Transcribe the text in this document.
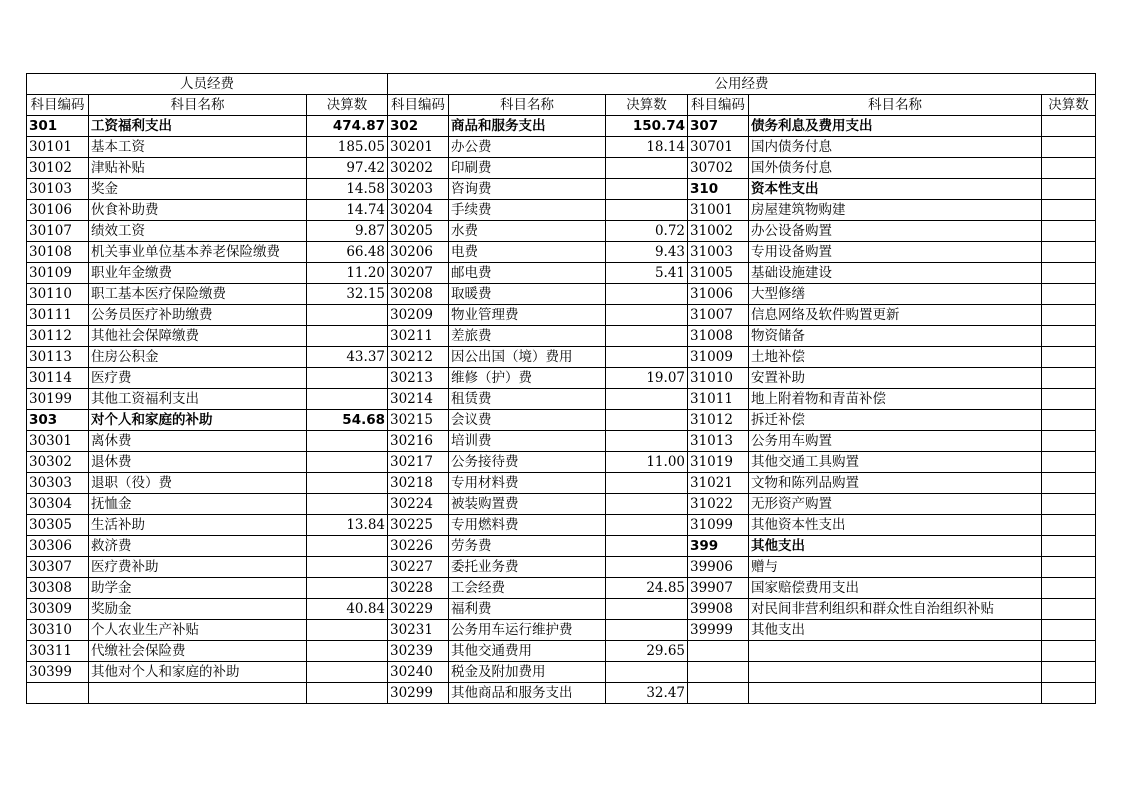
人员经费			公用经费					
科目编码	科目名称	决算数	科目编码	科目名称	决算数	科目编码	科目名称	决算数
301	工资福利支出	474.87	302	商品和服务支出	150.74	307	债务利息及费用支出	
30101	基本工资	185.05	30201	办公费	18.14	30701	国内债务付息	
30102	津贴补贴	97.42	30202	印刷费		30702	国外债务付息	
30103	奖金	14.58	30203	咨询费		310	资本性支出	
30106	伙食补助费	14.74	30204	手续费		31001	房屋建筑物购建	
30107	绩效工资	9.87	30205	水费	0.72	31002	办公设备购置	
30108	机关事业单位基本养老保险缴费	66.48	30206	电费	9.43	31003	专用设备购置	
30109	职业年金缴费	11.20	30207	邮电费	5.41	31005	基础设施建设	
30110	职工基本医疗保险缴费	32.15	30208	取暖费		31006	大型修缮	
30111	公务员医疗补助缴费		30209	物业管理费		31007	信息网络及软件购置更新	
30112	其他社会保障缴费		30211	差旅费		31008	物资储备	
30113	住房公积金	43.37	30212	因公出国（境）费用		31009	土地补偿	
30114	医疗费		30213	维修（护）费	19.07	31010	安置补助	
30199	其他工资福利支出		30214	租赁费		31011	地上附着物和青苗补偿	
303	对个人和家庭的补助	54.68	30215	会议费		31012	拆迁补偿	
30301	离休费		30216	培训费		31013	公务用车购置	
30302	退休费		30217	公务接待费	11.00	31019	其他交通工具购置	
30303	退职（役）费		30218	专用材料费		31021	文物和陈列品购置	
30304	抚恤金		30224	被装购置费		31022	无形资产购置	
30305	生活补助	13.84	30225	专用燃料费		31099	其他资本性支出	
30306	救济费		30226	劳务费		399	其他支出	
30307	医疗费补助		30227	委托业务费		39906	赠与	
30308	助学金		30228	工会经费	24.85	39907	国家赔偿费用支出	
30309	奖励金	40.84	30229	福利费		39908	对民间非营利组织和群众性自治组织补贴	
30310	个人农业生产补贴		30231	公务用车运行维护费		39999	其他支出	
30311	代缴社会保险费		30239	其他交通费用	29.65			
30399	其他对个人和家庭的补助		30240	税金及附加费用				
			30299	其他商品和服务支出	32.47			
